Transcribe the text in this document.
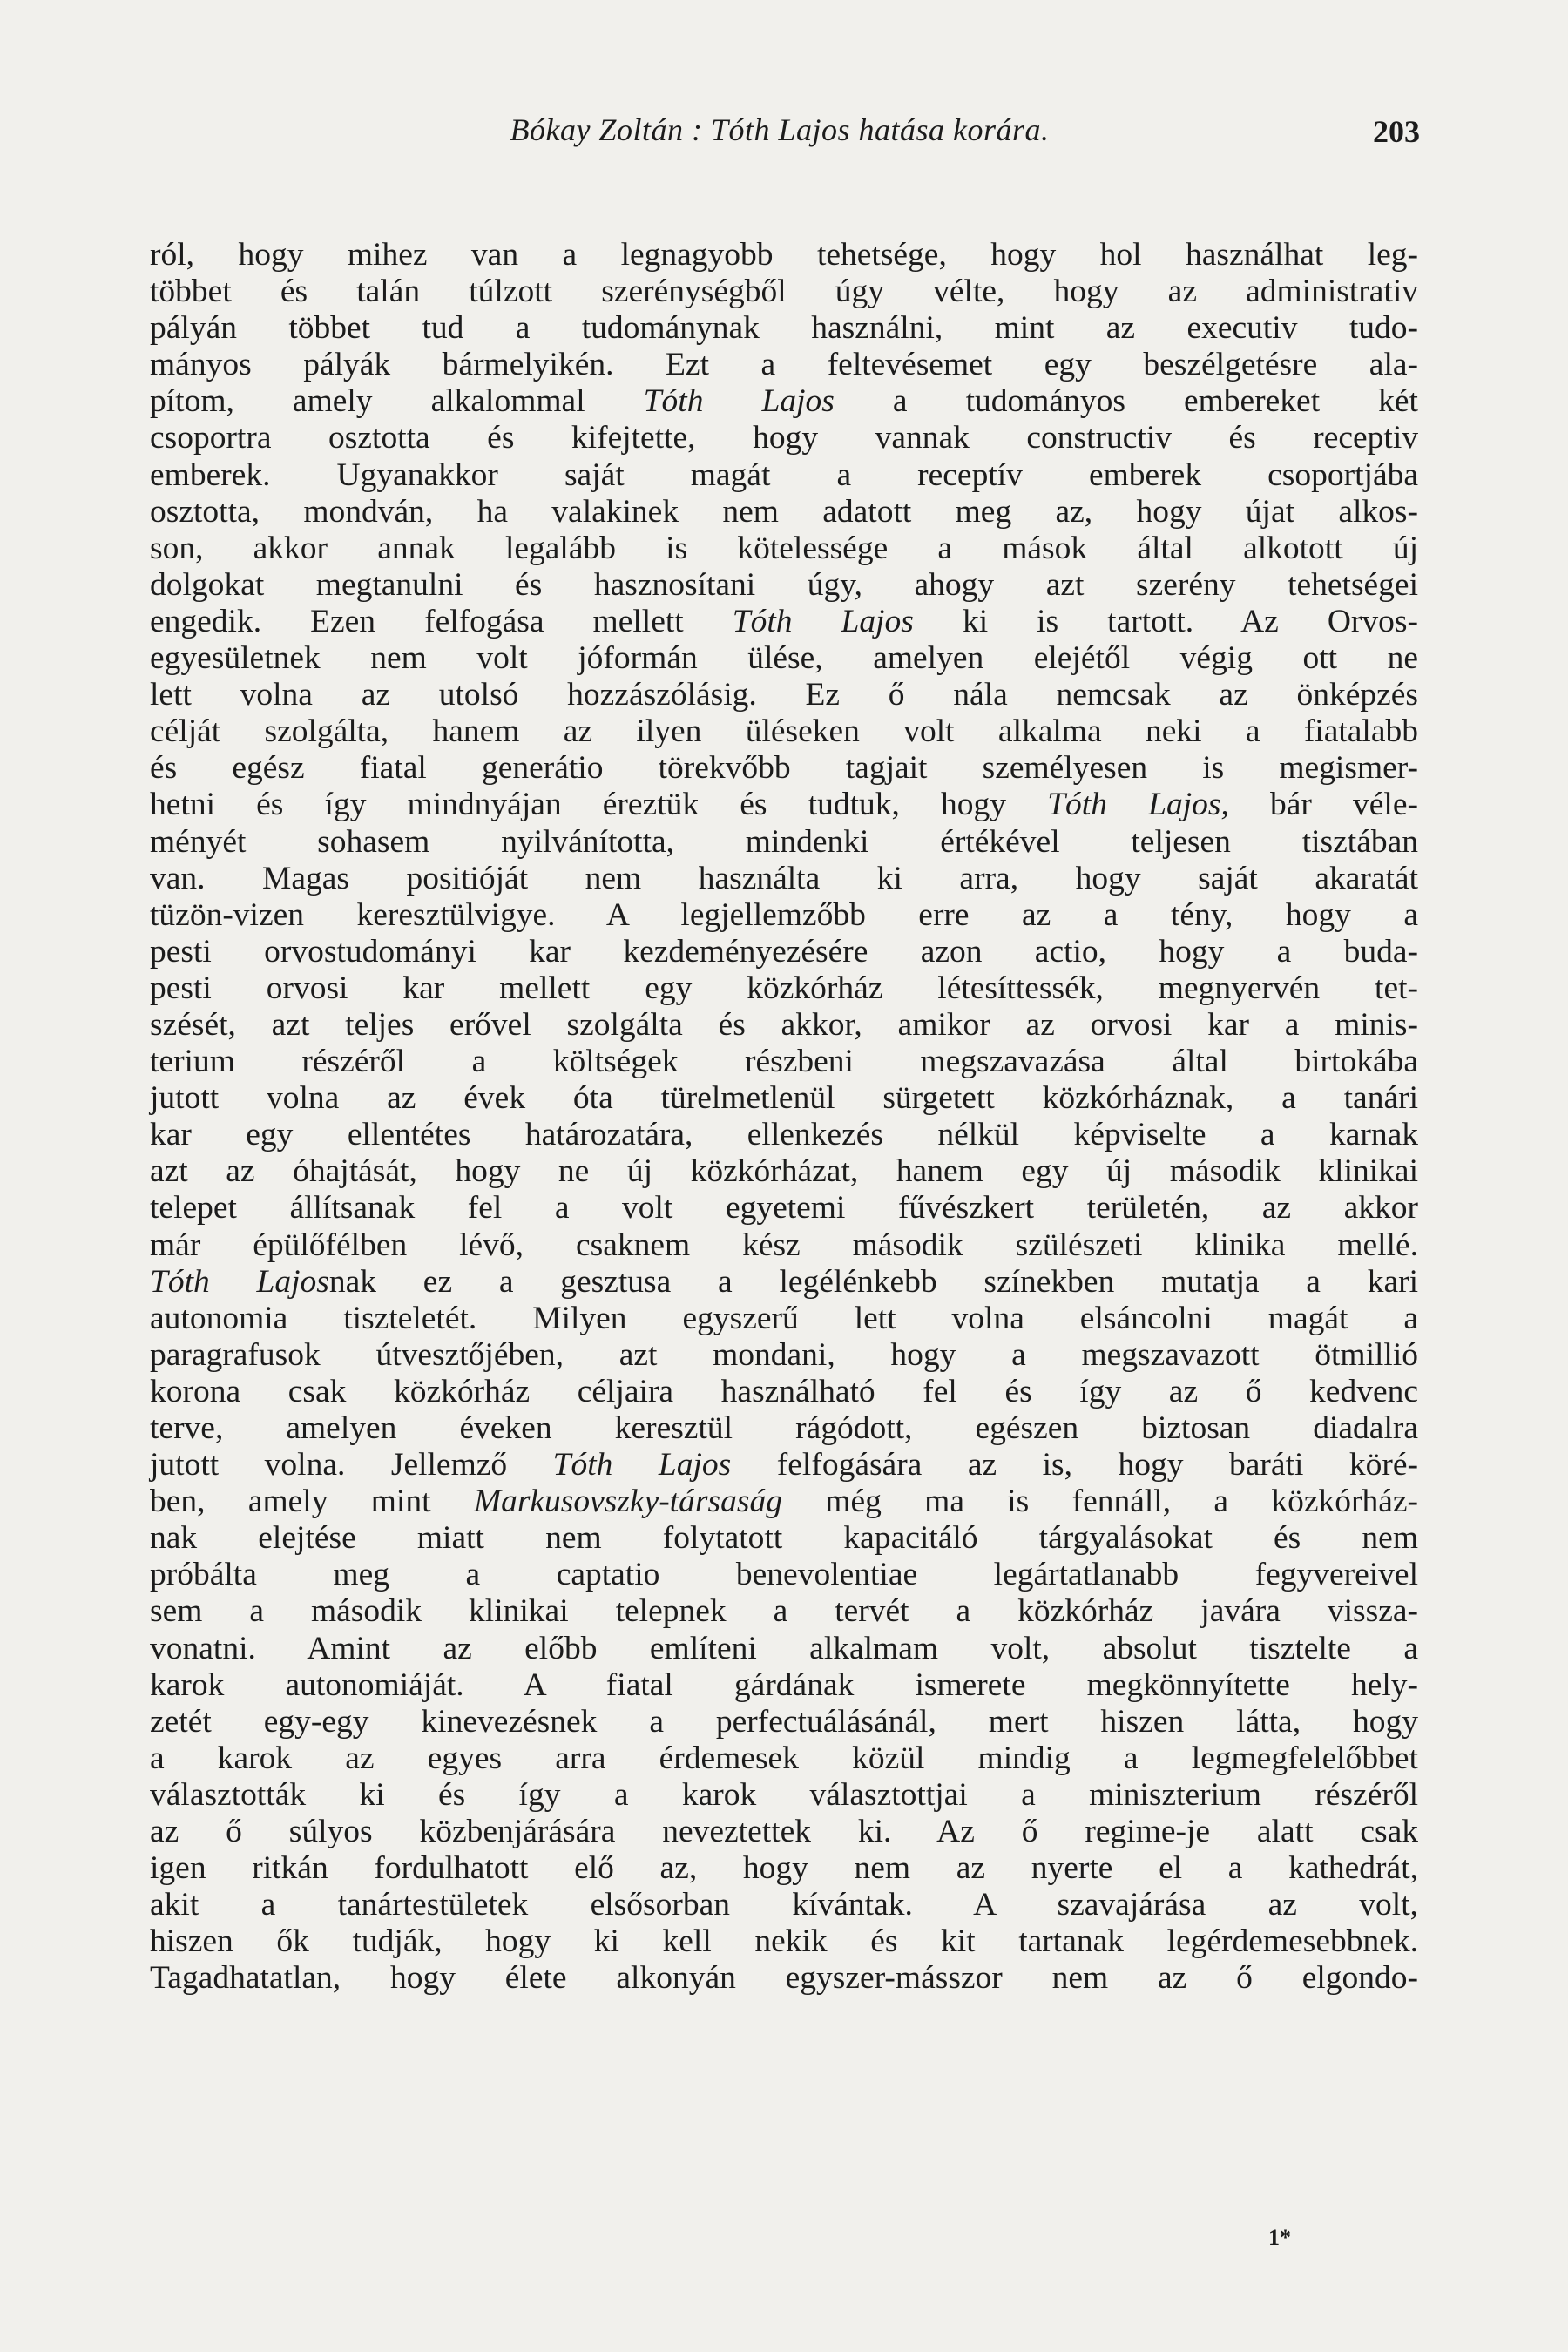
Bókay Zoltán : Tóth Lajos hatása korára.	203
ról, hogy mihez van a legnagyobb tehetsége, hogy hol használhat leg-
többet és talán túlzott szerénységből úgy vélte, hogy az administrativ
pályán többet tud a tudománynak használni, mint az executiv tudo-
mányos pályák bármelyikén. Ezt a feltevésemet egy beszélgetésre ala-
pítom, amely alkalommal Tóth Lajos a tudományos embereket két
csoportra osztotta és kifejtette, hogy vannak constructiv és receptiv
emberek. Ugyanakkor saját magát a receptív emberek csoportjába
osztotta, mondván, ha valakinek nem adatott meg az, hogy újat alkos-
son, akkor annak legalább is kötelessége a mások által alkotott új
dolgokat megtanulni és hasznosítani úgy, ahogy azt szerény tehetségei
engedik. Ezen felfogása mellett Tóth Lajos ki is tartott. Az Orvos-
egyesületnek nem volt jóformán ülése, amelyen elejétől végig ott ne
lett volna az utolsó hozzászólásig. Ez ő nála nemcsak az önképzés
célját szolgálta, hanem az ilyen üléseken volt alkalma neki a fiatalabb
és egész fiatal generátio törekvőbb tagjait személyesen is megismer-
hetni és így mindnyájan éreztük és tudtuk, hogy Tóth Lajos, bár véle-
ményét sohasem nyilvánította, mindenki értékével teljesen tisztában
van. Magas positióját nem használta ki arra, hogy saját akaratát
tüzön-vizen keresztülvigye. A legjellemzőbb erre az a tény, hogy a
pesti orvostudományi kar kezdeményezésére azon actio, hogy a buda-
pesti orvosi kar mellett egy közkórház létesíttessék, megnyervén tet-
szését, azt teljes erővel szolgálta és akkor, amikor az orvosi kar a minis-
terium részéről a költségek részbeni megszavazása által birtokába
jutott volna az évek óta türelmetlenül sürgetett közkórháznak, a tanári
kar egy ellentétes határozatára, ellenkezés nélkül képviselte a karnak
azt az óhajtását, hogy ne új közkórházat, hanem egy új második klinikai
telepet állítsanak fel a volt egyetemi fűvészkert területén, az akkor
már épülőfélben lévő, csaknem kész második szülészeti klinika mellé.
Tóth Lajosnak ez a gesztusa a legélénkebb színekben mutatja a kari
autonomia tiszteletét. Milyen egyszerű lett volna elsáncolni magát a
paragrafusok útvesztőjében, azt mondani, hogy a megszavazott ötmillió
korona csak közkórház céljaira használható fel és így az ő kedvenc
terve, amelyen éveken keresztül rágódott, egészen biztosan diadalra
jutott volna. Jellemző Tóth Lajos felfogására az is, hogy baráti köré-
ben, amely mint Markusovszky-társaság még ma is fennáll, a közkórház-
nak elejtése miatt nem folytatott kapacitáló tárgyalásokat és nem
próbálta meg a captatio benevolentiae legártatlanabb fegyvereivel
sem a második klinikai telepnek a tervét a közkórház javára vissza-
vonatni. Amint az előbb említeni alkalmam volt, absolut tisztelte a
karok autonomiáját. A fiatal gárdának ismerete megkönnyítette hely-
zetét egy-egy kinevezésnek a perfectuálásánál, mert hiszen látta, hogy
a karok az egyes arra érdemesek közül mindig a legmegfelelőbbet
választották ki és így a karok választottjai a miniszterium részéről
az ő súlyos közbenjárására neveztettek ki. Az ő regime-je alatt csak
igen ritkán fordulhatott elő az, hogy nem az nyerte el a kathedrát,
akit a tanártestületek elsősorban kívántak. A szavajárása az volt,
hiszen ők tudják, hogy ki kell nekik és kit tartanak legérdemesebbnek.
Tagadhatatlan, hogy élete alkonyán egyszer-másszor nem az ő elgondo-
1*
